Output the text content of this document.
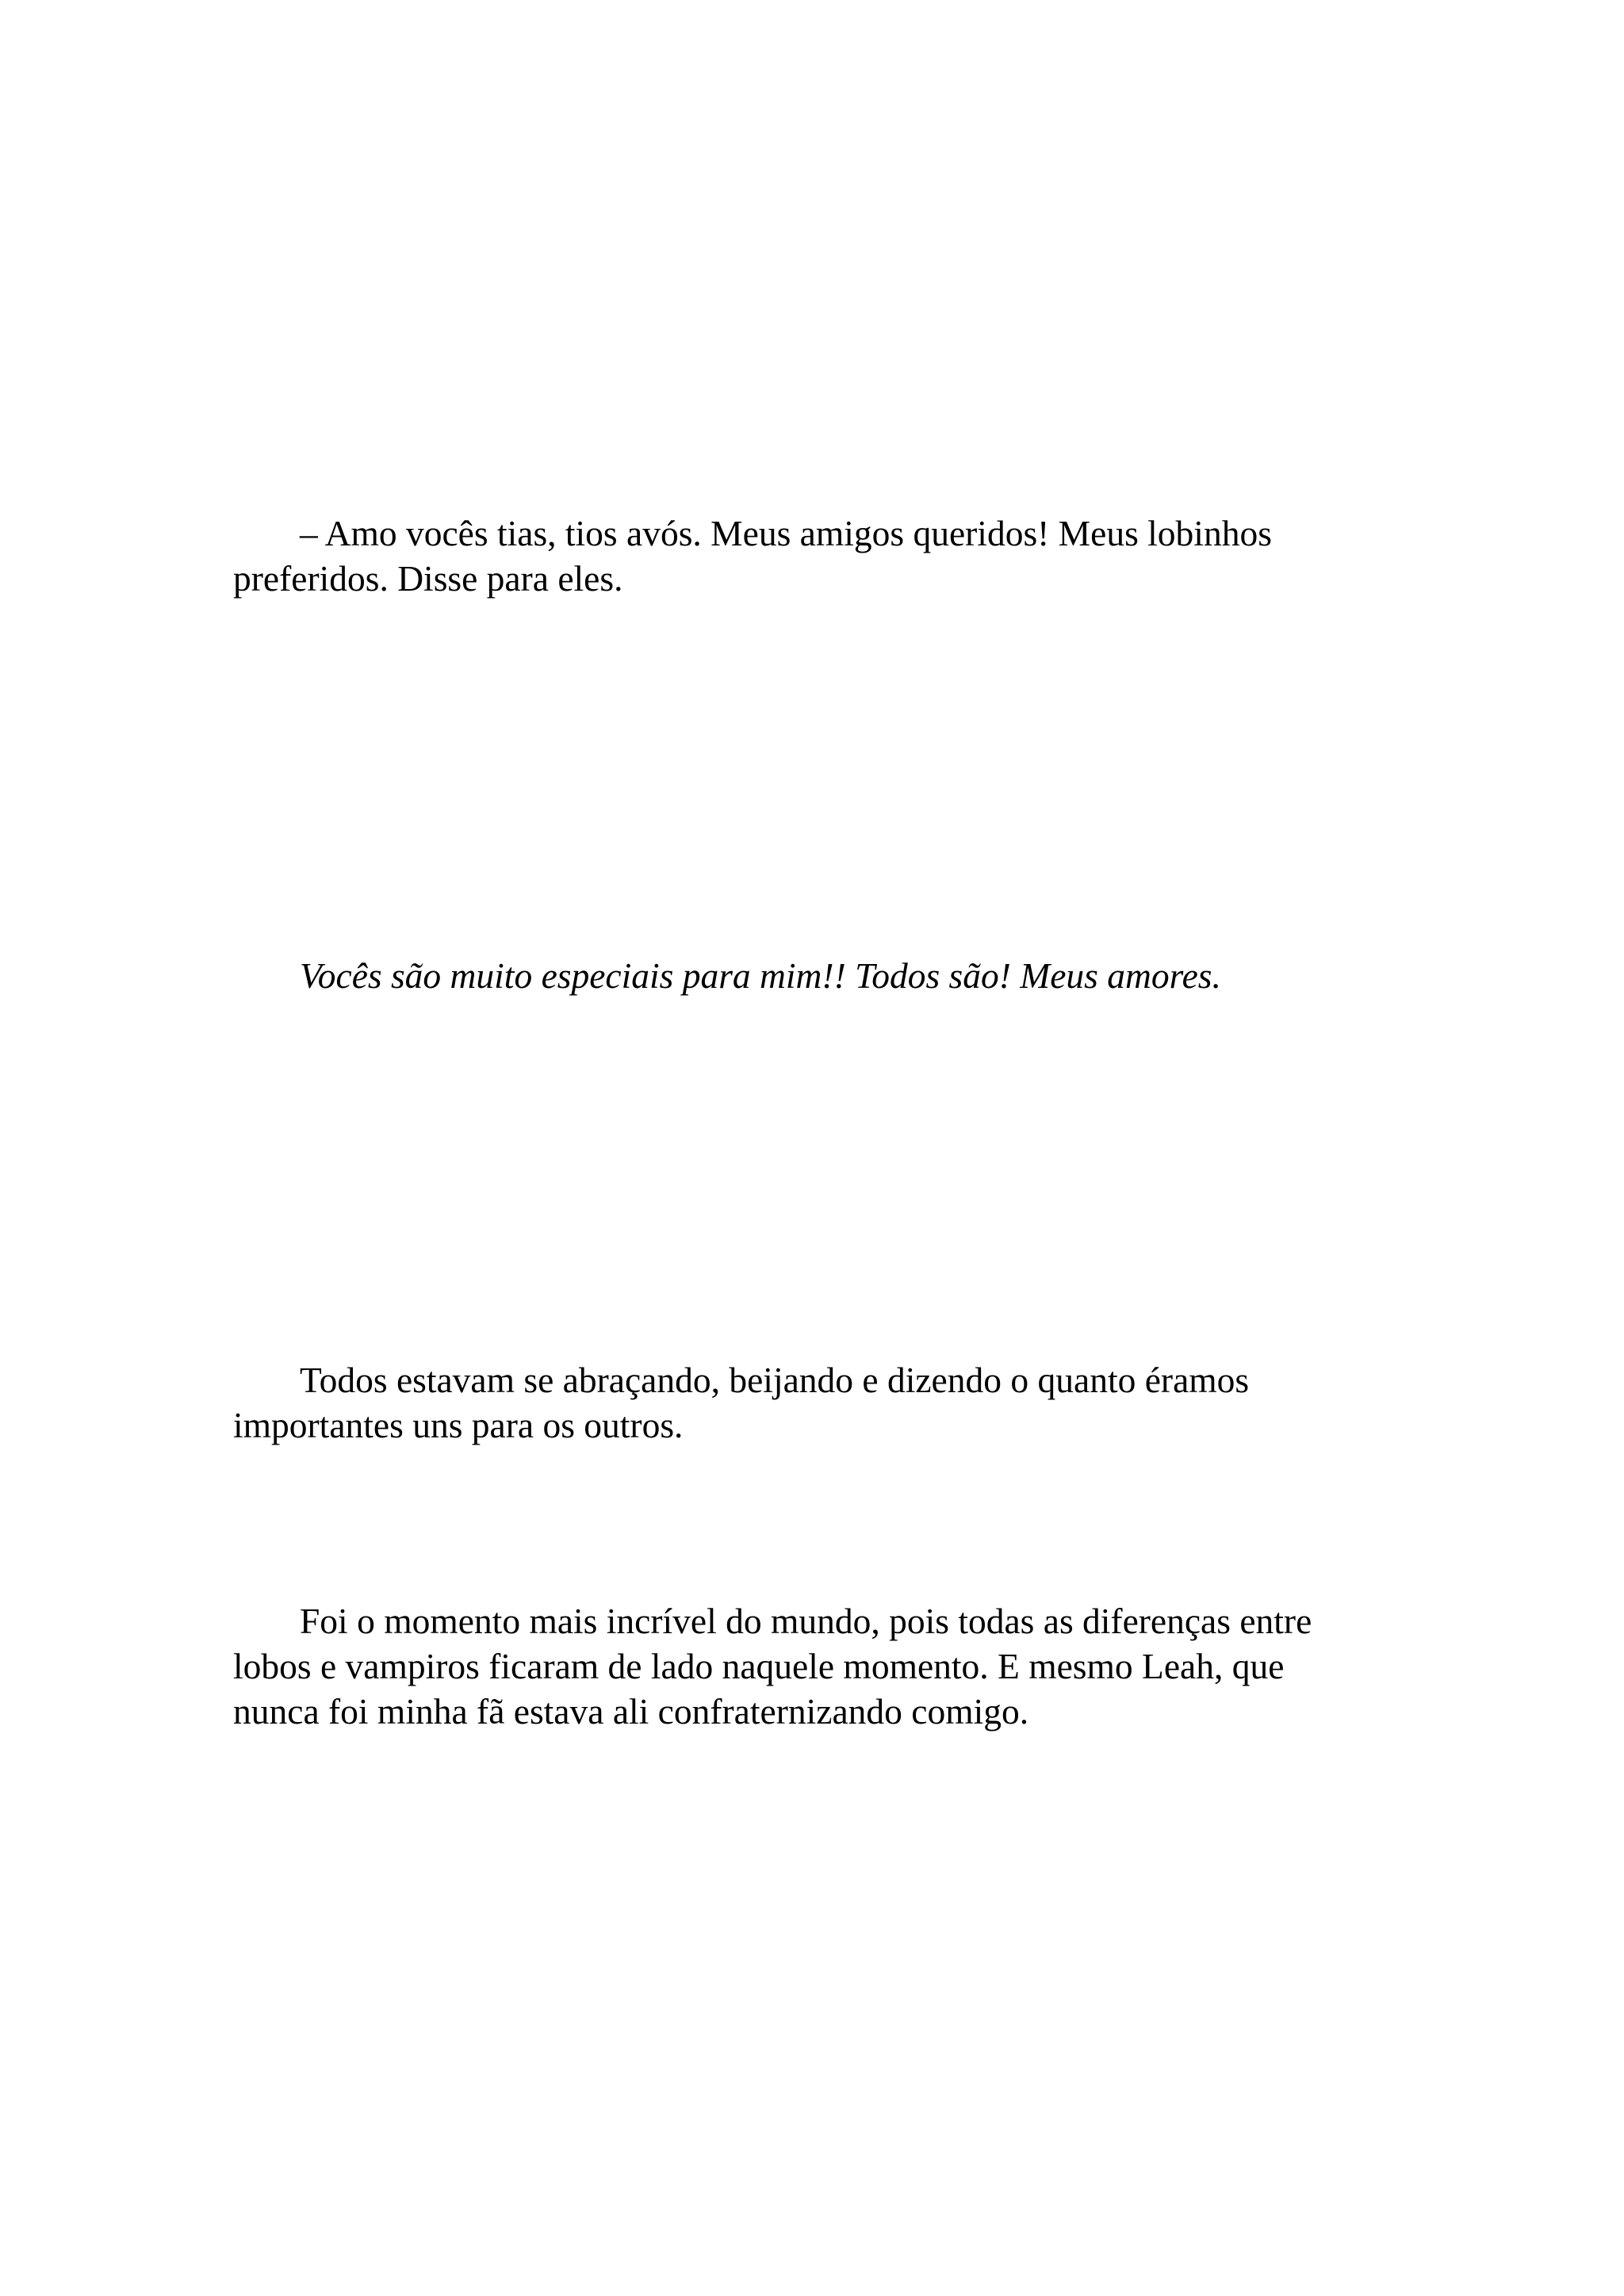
– Amo vocês tias, tios avós. Meus amigos queridos! Meus lobinhos
preferidos. Disse para eles.

Vocês são muito especiais para mim!! Todos são! Meus amores.

Todos estavam se abraçando, beijando e dizendo o quanto éramos
importantes uns para os outros.

Foi o momento mais incrível do mundo, pois todas as diferenças entre
lobos e vampiros ficaram de lado naquele momento. E mesmo Leah, que
nunca foi minha fã estava ali confraternizando comigo.
